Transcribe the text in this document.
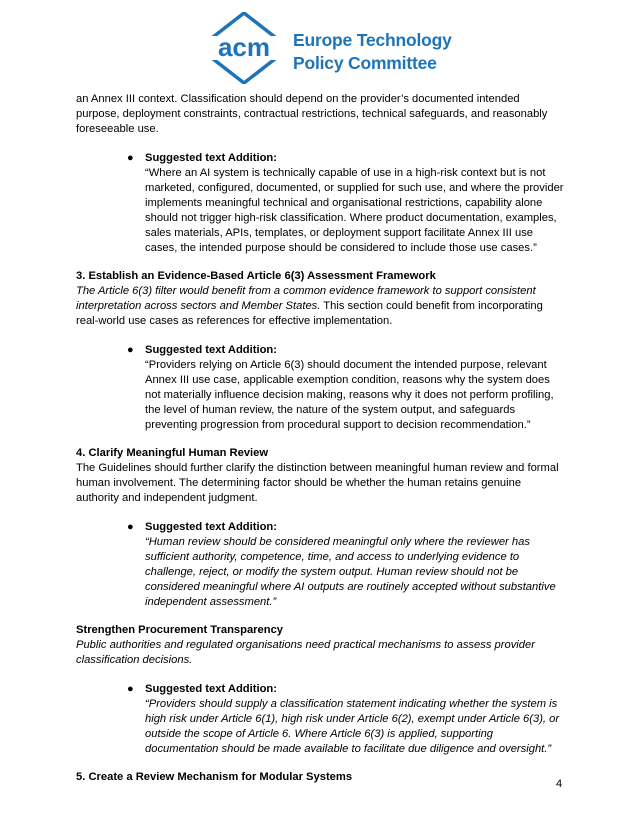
acm Europe Technology
Policy Committee

an Annex III context. Classification should depend on the provider’s documented intended purpose, deployment constraints, contractual restrictions, technical safeguards, and reasonably foreseeable use.

● Suggested text Addition:

“Where an AI system is technically capable of use in a high-risk context but is not marketed, configured, documented, or supplied for such use, and where the provider implements meaningful technical and organisational restrictions, capability alone should not trigger high-risk classification. Where product documentation, examples, sales materials, APIs, templates, or deployment support facilitate Annex III use cases, the intended purpose should be considered to include those use cases.”

3. Establish an Evidence-Based Article 6(3) Assessment Framework

The Article 6(3) filter would benefit from a common evidence framework to support consistent interpretation across sectors and Member States. This section could benefit from incorporating real-world use cases as references for effective implementation.

● Suggested text Addition:

“Providers relying on Article 6(3) should document the intended purpose, relevant Annex III use case, applicable exemption condition, reasons why the system does not materially influence decision making, reasons why it does not perform profiling, the level of human review, the nature of the system output, and safeguards preventing progression from procedural support to decision recommendation.”

4. Clarify Meaningful Human Review

The Guidelines should further clarify the distinction between meaningful human review and formal human involvement. The determining factor should be whether the human retains genuine authority and independent judgment.

● Suggested text Addition:

“Human review should be considered meaningful only where the reviewer has sufficient authority, competence, time, and access to underlying evidence to challenge, reject, or modify the system output. Human review should not be considered meaningful where AI outputs are routinely accepted without substantive independent assessment.”

Strengthen Procurement Transparency

Public authorities and regulated organisations need practical mechanisms to assess provider classification decisions.

● Suggested text Addition:

“Providers should supply a classification statement indicating whether the system is high risk under Article 6(1), high risk under Article 6(2), exempt under Article 6(3), or outside the scope of Article 6. Where Article 6(3) is applied, supporting documentation should be made available to facilitate due diligence and oversight.”

5. Create a Review Mechanism for Modular Systems

4
